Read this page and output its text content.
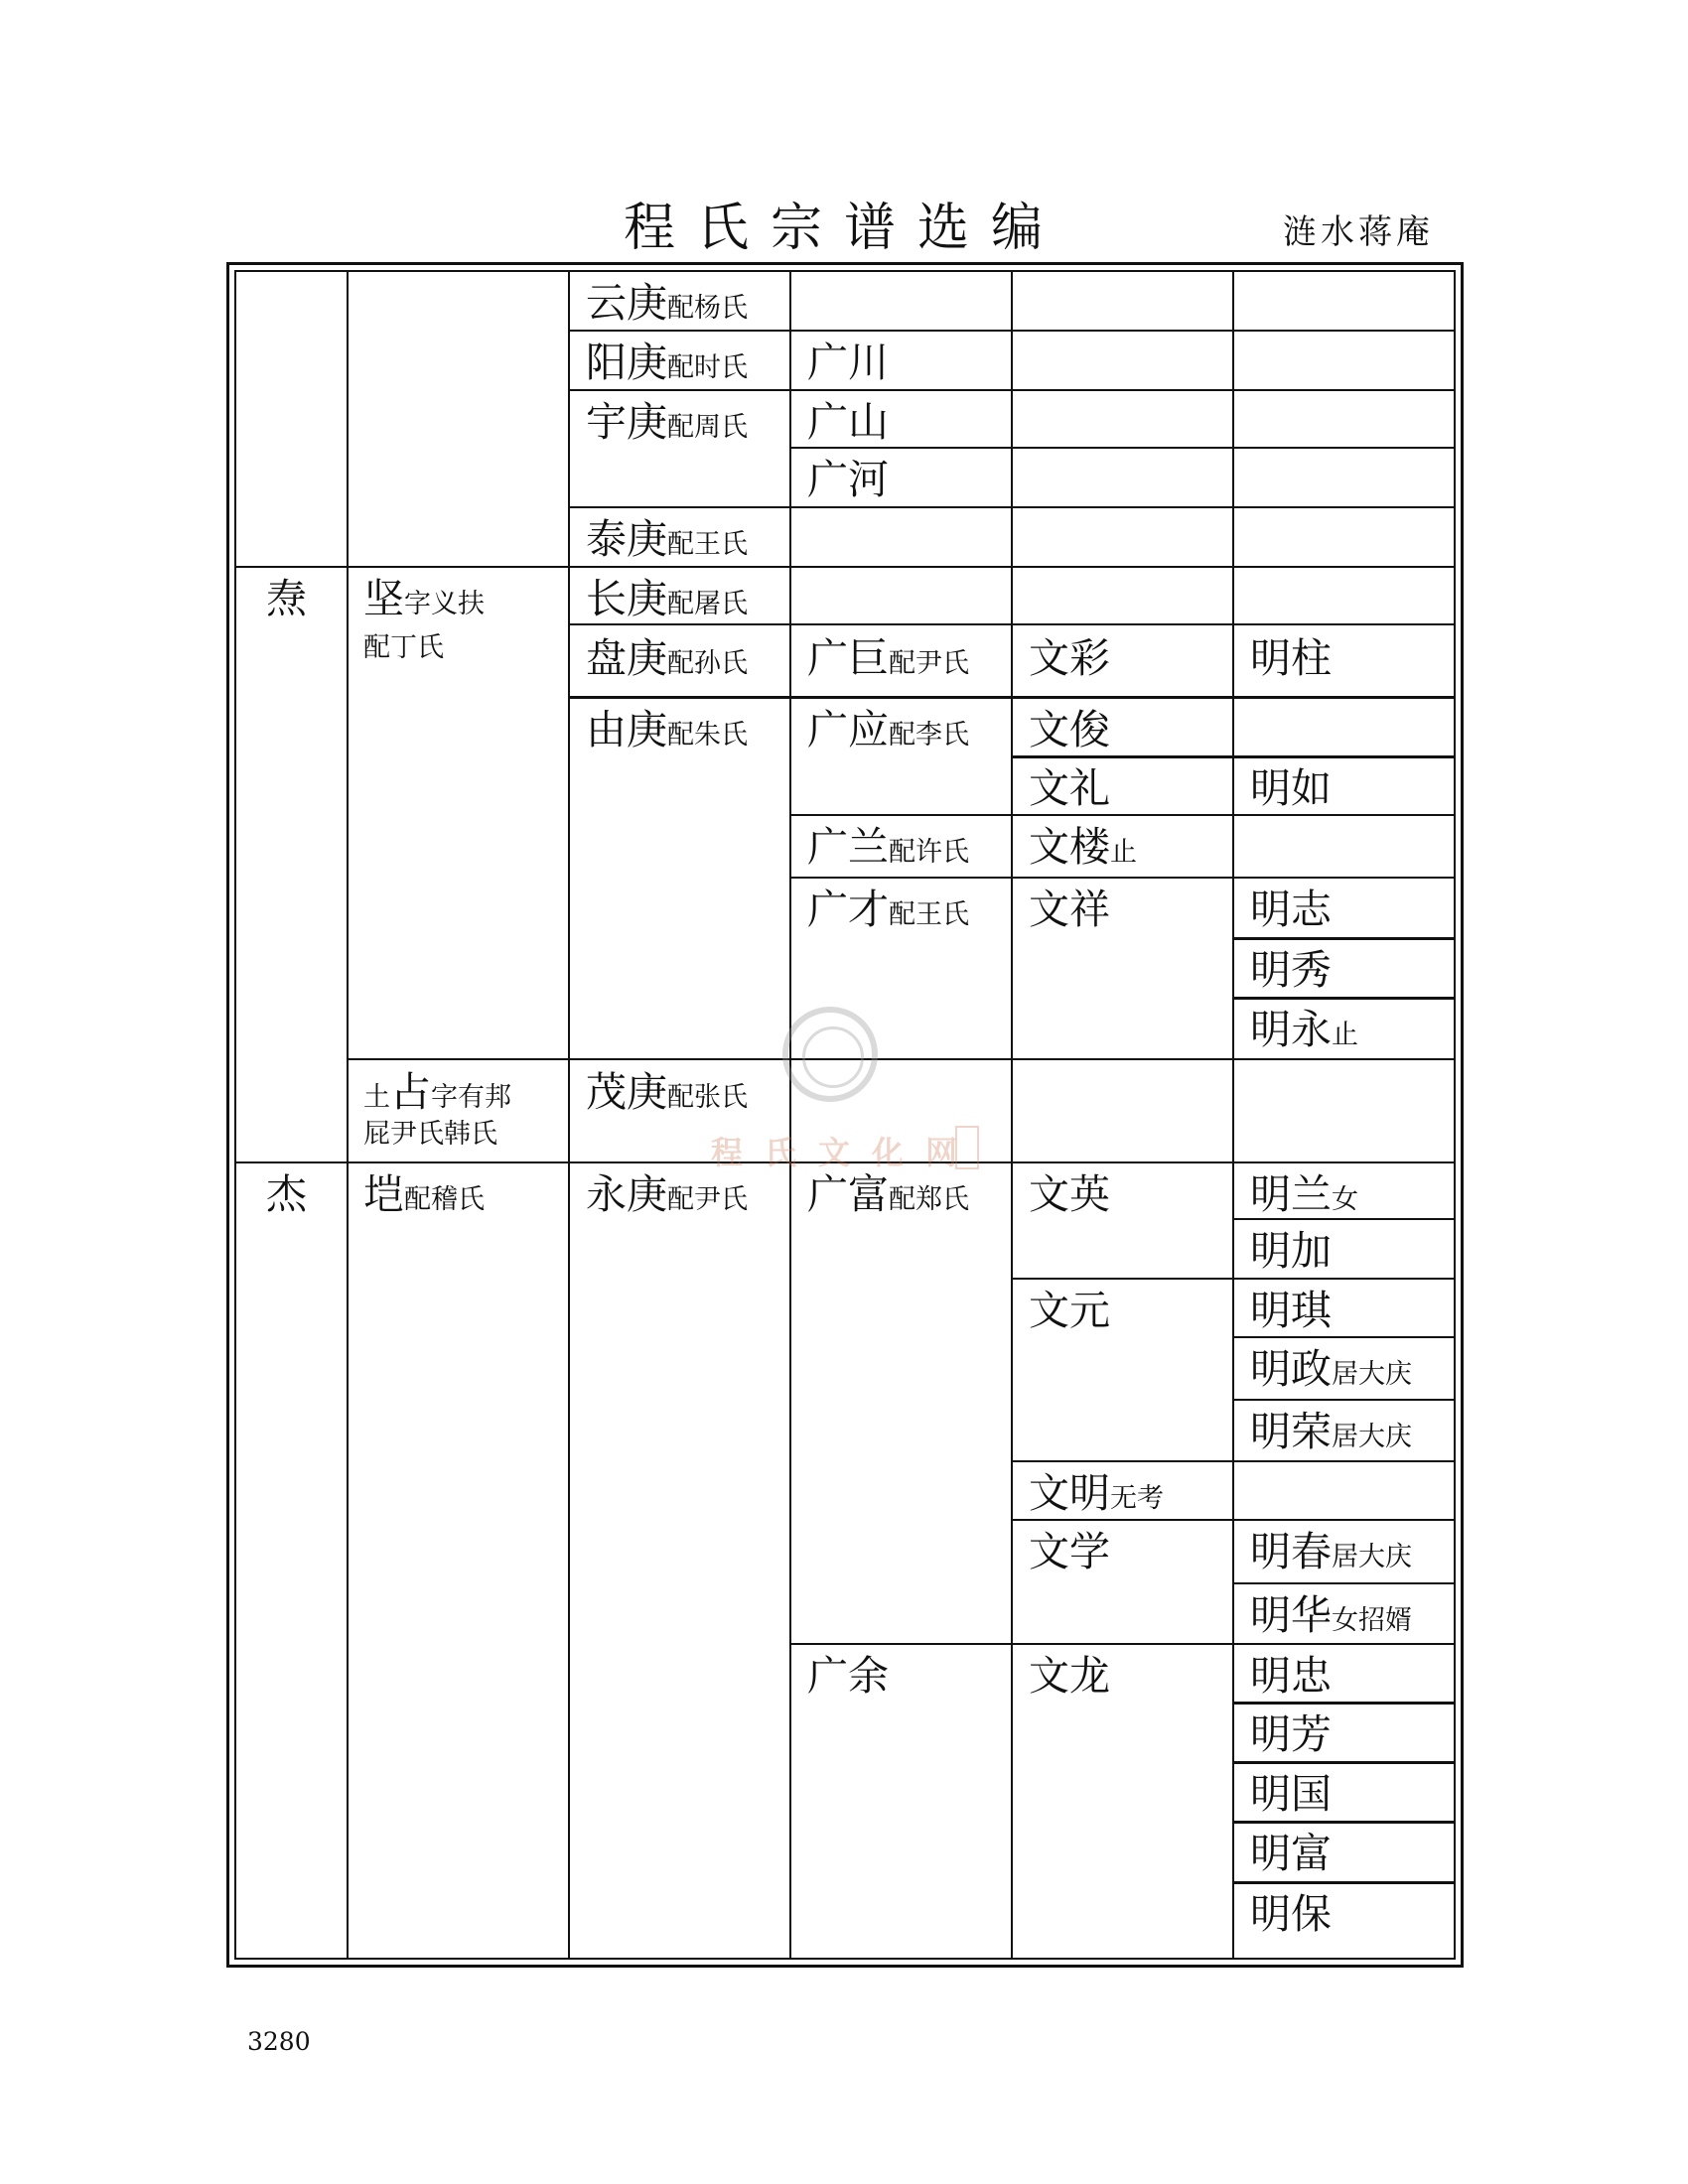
程氏宗谱选编	涟水蒋庵
程氏文化网
焘
杰
坚字义扶
配丁氏
土占字有邦
屁尹氏韩氏
垲配稽氏
云庚配杨氏
阳庚配时氏
宇庚配周氏
泰庚配王氏
长庚配屠氏
盘庚配孙氏
由庚配朱氏
茂庚配张氏
永庚配尹氏
广川
广山
广河
广巨配尹氏
广应配李氏
广兰配许氏
广才配王氏
广富配郑氏
广余
文彩
文俊
文礼
文楼止
文祥
文英
文元
文明无考
文学
文龙
明柱
明如
明志
明秀
明永止
明兰女
明加
明琪
明政居大庆
明荣居大庆
明春居大庆
明华女招婿
明忠
明芳
明国
明富
明保
3280
